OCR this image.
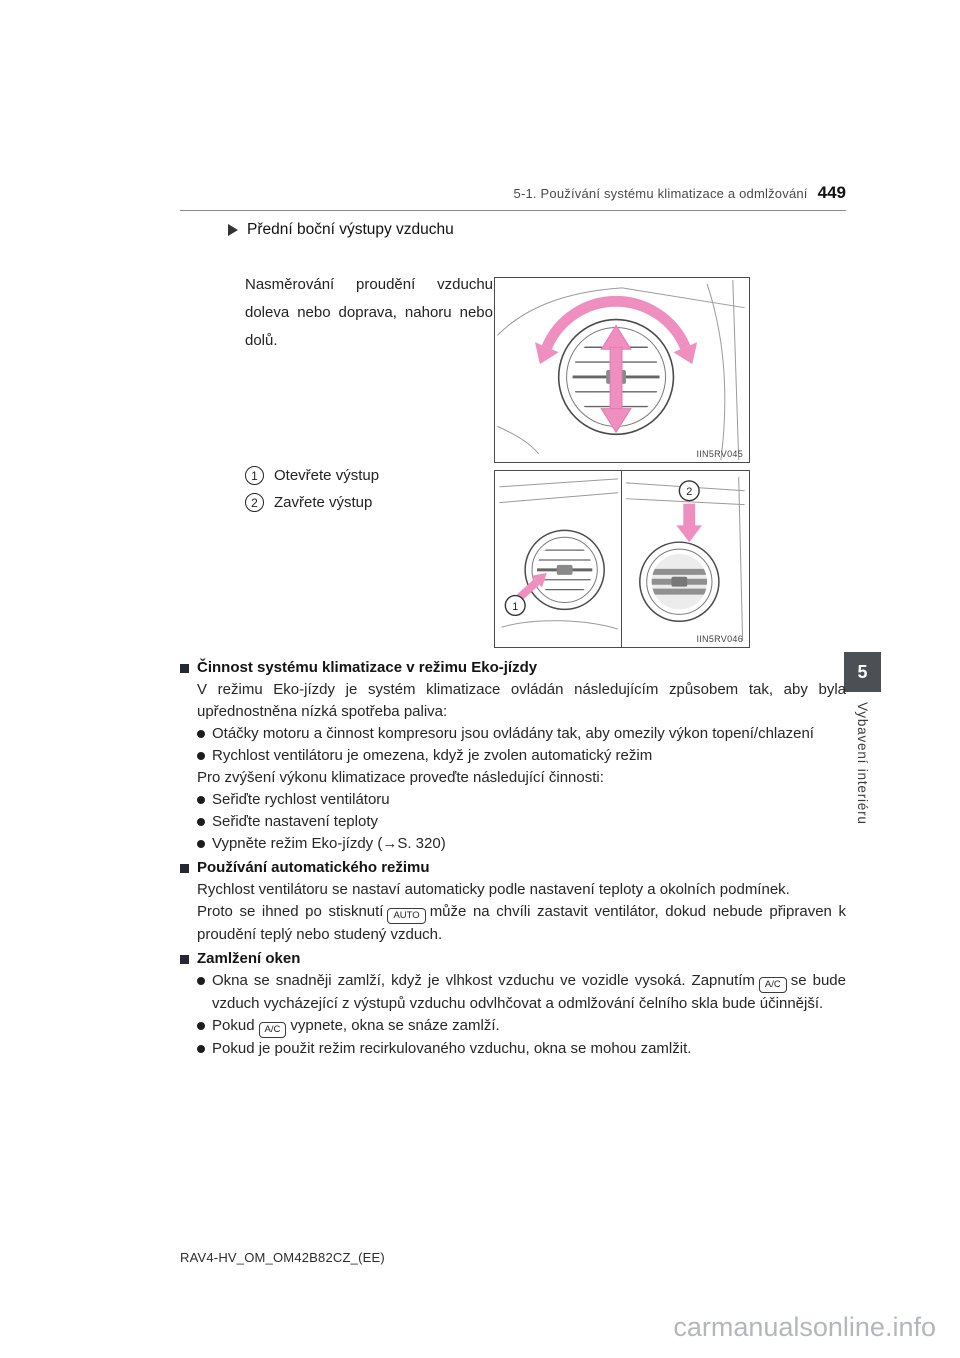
5-1. Používání systému klimatizace a odmlžování 449
5
Vybavení interiéru
Přední boční výstupy vzduchu

Nasměrování proudění vzduchu doleva nebo doprava, nahoru nebo dolů.

IIN5RV045
1	Otevřete výstup
2	Zavřete výstup
1
2
IIN5RV046
Činnost systému klimatizace v režimu Eko-jízdy

V režimu Eko-jízdy je systém klimatizace ovládán následujícím způsobem tak, aby byla upřednostněna nízká spotřeba paliva:

Otáčky motoru a činnost kompresoru jsou ovládány tak, aby omezily výkon topení/chlazení
Rychlost ventilátoru je omezena, když je zvolen automatický režim

Pro zvýšení výkonu klimatizace proveďte následující činnosti:

Seřiďte rychlost ventilátoru
Seřiďte nastavení teploty
Vypněte režim Eko-jízdy (→S. 320)
Používání automatického režimu

Rychlost ventilátoru se nastaví automaticky podle nastavení teploty a okolních podmínek.

Proto se ihned po stisknutí AUTO může na chvíli zastavit ventilátor, dokud nebude připraven k proudění teplý nebo studený vzduch.

Zamlžení oken
Okna se snadněji zamlží, když je vlhkost vzduchu ve vozidle vysoká. Zapnutím A/C se bude vzduch vycházející z výstupů vzduchu odvlhčovat a odmlžování čelního skla bude účinnější.
Pokud A/C vypnete, okna se snáze zamlží.
Pokud je použit režim recirkulovaného vzduchu, okna se mohou zamlžit.
RAV4-HV_OM_OM42B82CZ_(EE)
carmanualsonline.info
